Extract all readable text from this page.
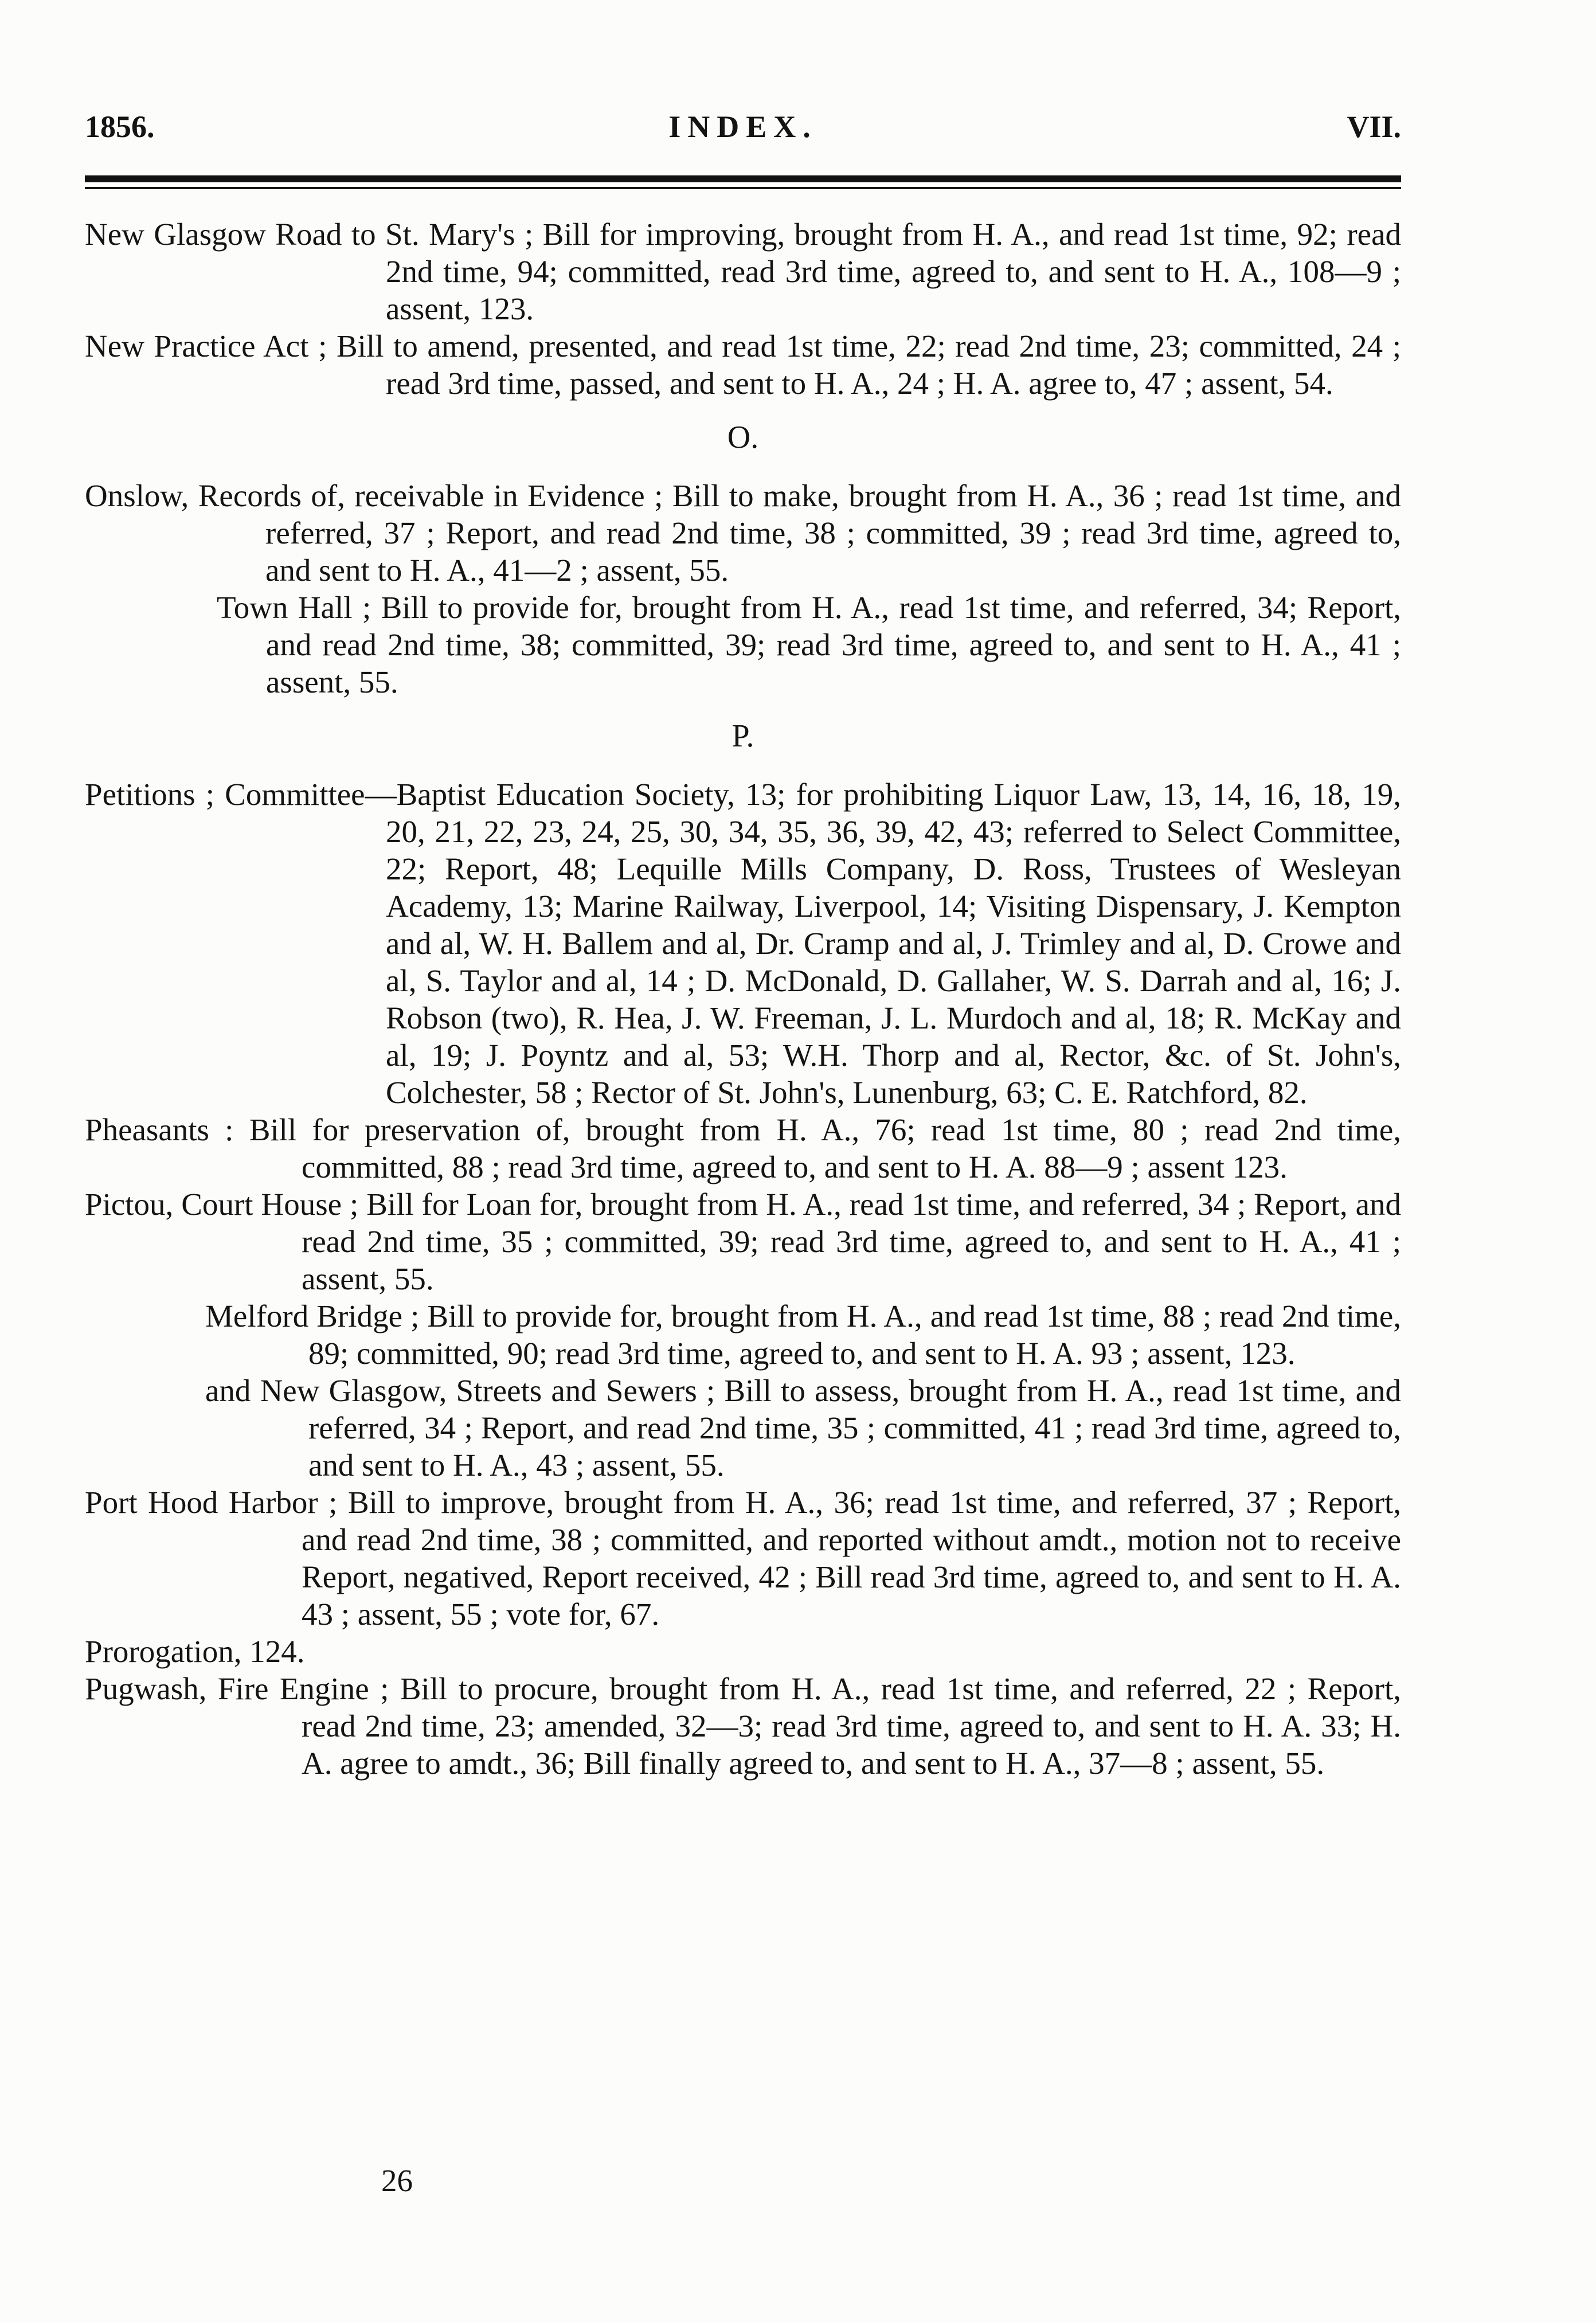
1856.	INDEX.	VII.

New Glasgow Road to St. Mary's ; Bill for improving, brought from H. A., and read 1st time, 92; read 2nd time, 94; committed, read 3rd time, agreed to, and sent to H. A., 108—9 ; assent, 123.

New Practice Act ; Bill to amend, presented, and read 1st time, 22; read 2nd time, 23; committed, 24 ; read 3rd time, passed, and sent to H. A., 24 ; H. A. agree to, 47 ; assent, 54.

O.

Onslow, Records of, receivable in Evidence ; Bill to make, brought from H. A., 36 ; read 1st time, and referred, 37 ; Report, and read 2nd time, 38 ; committed, 39 ; read 3rd time, agreed to, and sent to H. A., 41—2 ; assent, 55.

Town Hall ; Bill to provide for, brought from H. A., read 1st time, and referred, 34; Report, and read 2nd time, 38; committed, 39; read 3rd time, agreed to, and sent to H. A., 41 ; assent, 55.

P.

Petitions ; Committee—Baptist Education Society, 13; for prohibiting Liquor Law, 13, 14, 16, 18, 19, 20, 21, 22, 23, 24, 25, 30, 34, 35, 36, 39, 42, 43; referred to Select Committee, 22; Report, 48; Lequille Mills Company, D. Ross, Trustees of Wesleyan Academy, 13; Marine Railway, Liverpool, 14; Visiting Dispensary, J. Kempton and al, W. H. Ballem and al, Dr. Cramp and al, J. Trimley and al, D. Crowe and al, S. Taylor and al, 14 ; D. McDonald, D. Gallaher, W. S. Darrah and al, 16; J. Robson (two), R. Hea, J. W. Freeman, J. L. Murdoch and al, 18; R. McKay and al, 19; J. Poyntz and al, 53; W.H. Thorp and al, Rector, &c. of St. John's, Colchester, 58 ; Rector of St. John's, Lunenburg, 63; C. E. Ratchford, 82.

Pheasants : Bill for preservation of, brought from H. A., 76; read 1st time, 80 ; read 2nd time, committed, 88 ; read 3rd time, agreed to, and sent to H. A. 88—9 ; assent 123.

Pictou, Court House ; Bill for Loan for, brought from H. A., read 1st time, and referred, 34 ; Report, and read 2nd time, 35 ; committed, 39; read 3rd time, agreed to, and sent to H. A., 41 ; assent, 55.

Melford Bridge ; Bill to provide for, brought from H. A., and read 1st time, 88 ; read 2nd time, 89; committed, 90; read 3rd time, agreed to, and sent to H. A. 93 ; assent, 123.

and New Glasgow, Streets and Sewers ; Bill to assess, brought from H. A., read 1st time, and referred, 34 ; Report, and read 2nd time, 35 ; committed, 41 ; read 3rd time, agreed to, and sent to H. A., 43 ; assent, 55.

Port Hood Harbor ; Bill to improve, brought from H. A., 36; read 1st time, and referred, 37 ; Report, and read 2nd time, 38 ; committed, and reported without amdt., motion not to receive Report, negatived, Report received, 42 ; Bill read 3rd time, agreed to, and sent to H. A. 43 ; assent, 55 ; vote for, 67.

Prorogation, 124.

Pugwash, Fire Engine ; Bill to procure, brought from H. A., read 1st time, and referred, 22 ; Report, read 2nd time, 23; amended, 32—3; read 3rd time, agreed to, and sent to H. A. 33; H. A. agree to amdt., 36; Bill finally agreed to, and sent to H. A., 37—8 ; assent, 55.

26
